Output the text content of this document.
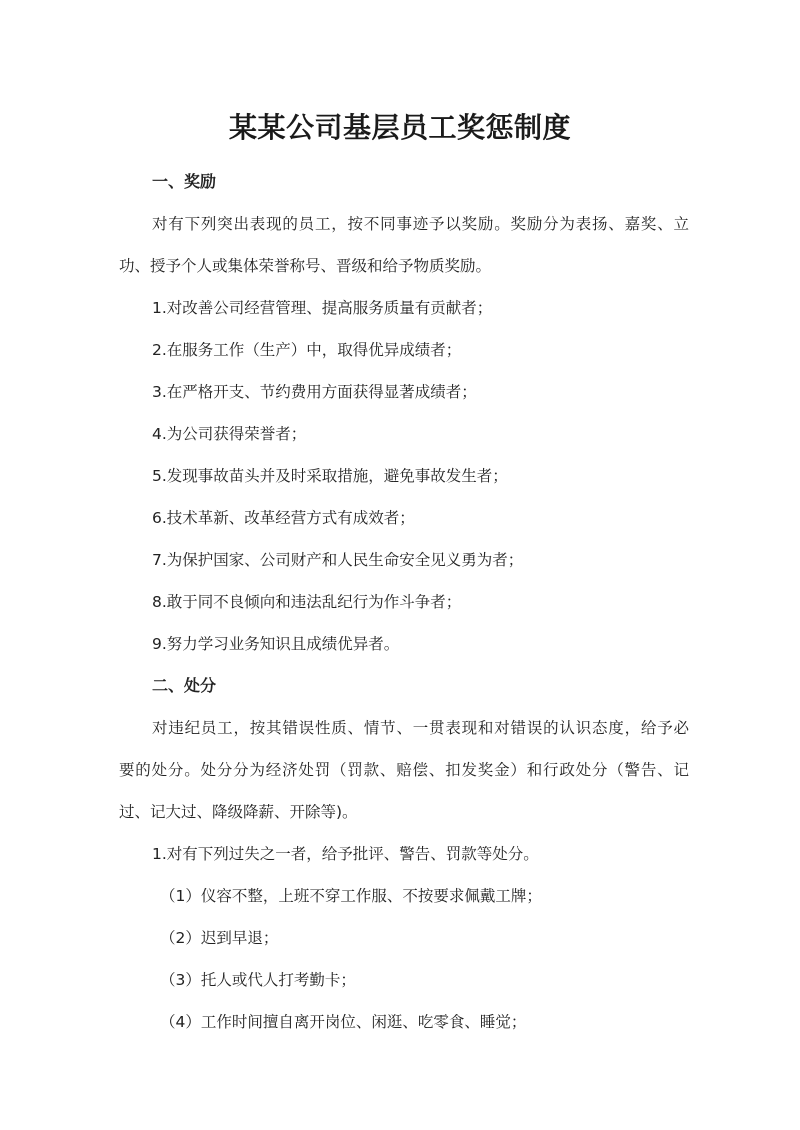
某某公司基层员工奖惩制度
一、奖励
对有下列突出表现的员工，按不同事迹予以奖励。奖励分为表扬、嘉奖、立
功、授予个人或集体荣誉称号、晋级和给予物质奖励。
1.对改善公司经营管理、提高服务质量有贡献者；
2.在服务工作（生产）中，取得优异成绩者；
3.在严格开支、节约费用方面获得显著成绩者；
4.为公司获得荣誉者；
5.发现事故苗头并及时采取措施，避免事故发生者；
6.技术革新、改革经营方式有成效者；
7.为保护国家、公司财产和人民生命安全见义勇为者；
8.敢于同不良倾向和违法乱纪行为作斗争者；
9.努力学习业务知识且成绩优异者。
二、处分
对违纪员工，按其错误性质、情节、一贯表现和对错误的认识态度，给予必
要的处分。处分分为经济处罚（罚款、赔偿、扣发奖金）和行政处分（警告、记
过、记大过、降级降薪、开除等)。
1.对有下列过失之一者，给予批评、警告、罚款等处分。
（1）仪容不整，上班不穿工作服、不按要求佩戴工牌；
（2）迟到早退；
（3）托人或代人打考勤卡；
（4）工作时间擅自离开岗位、闲逛、吃零食、睡觉；
